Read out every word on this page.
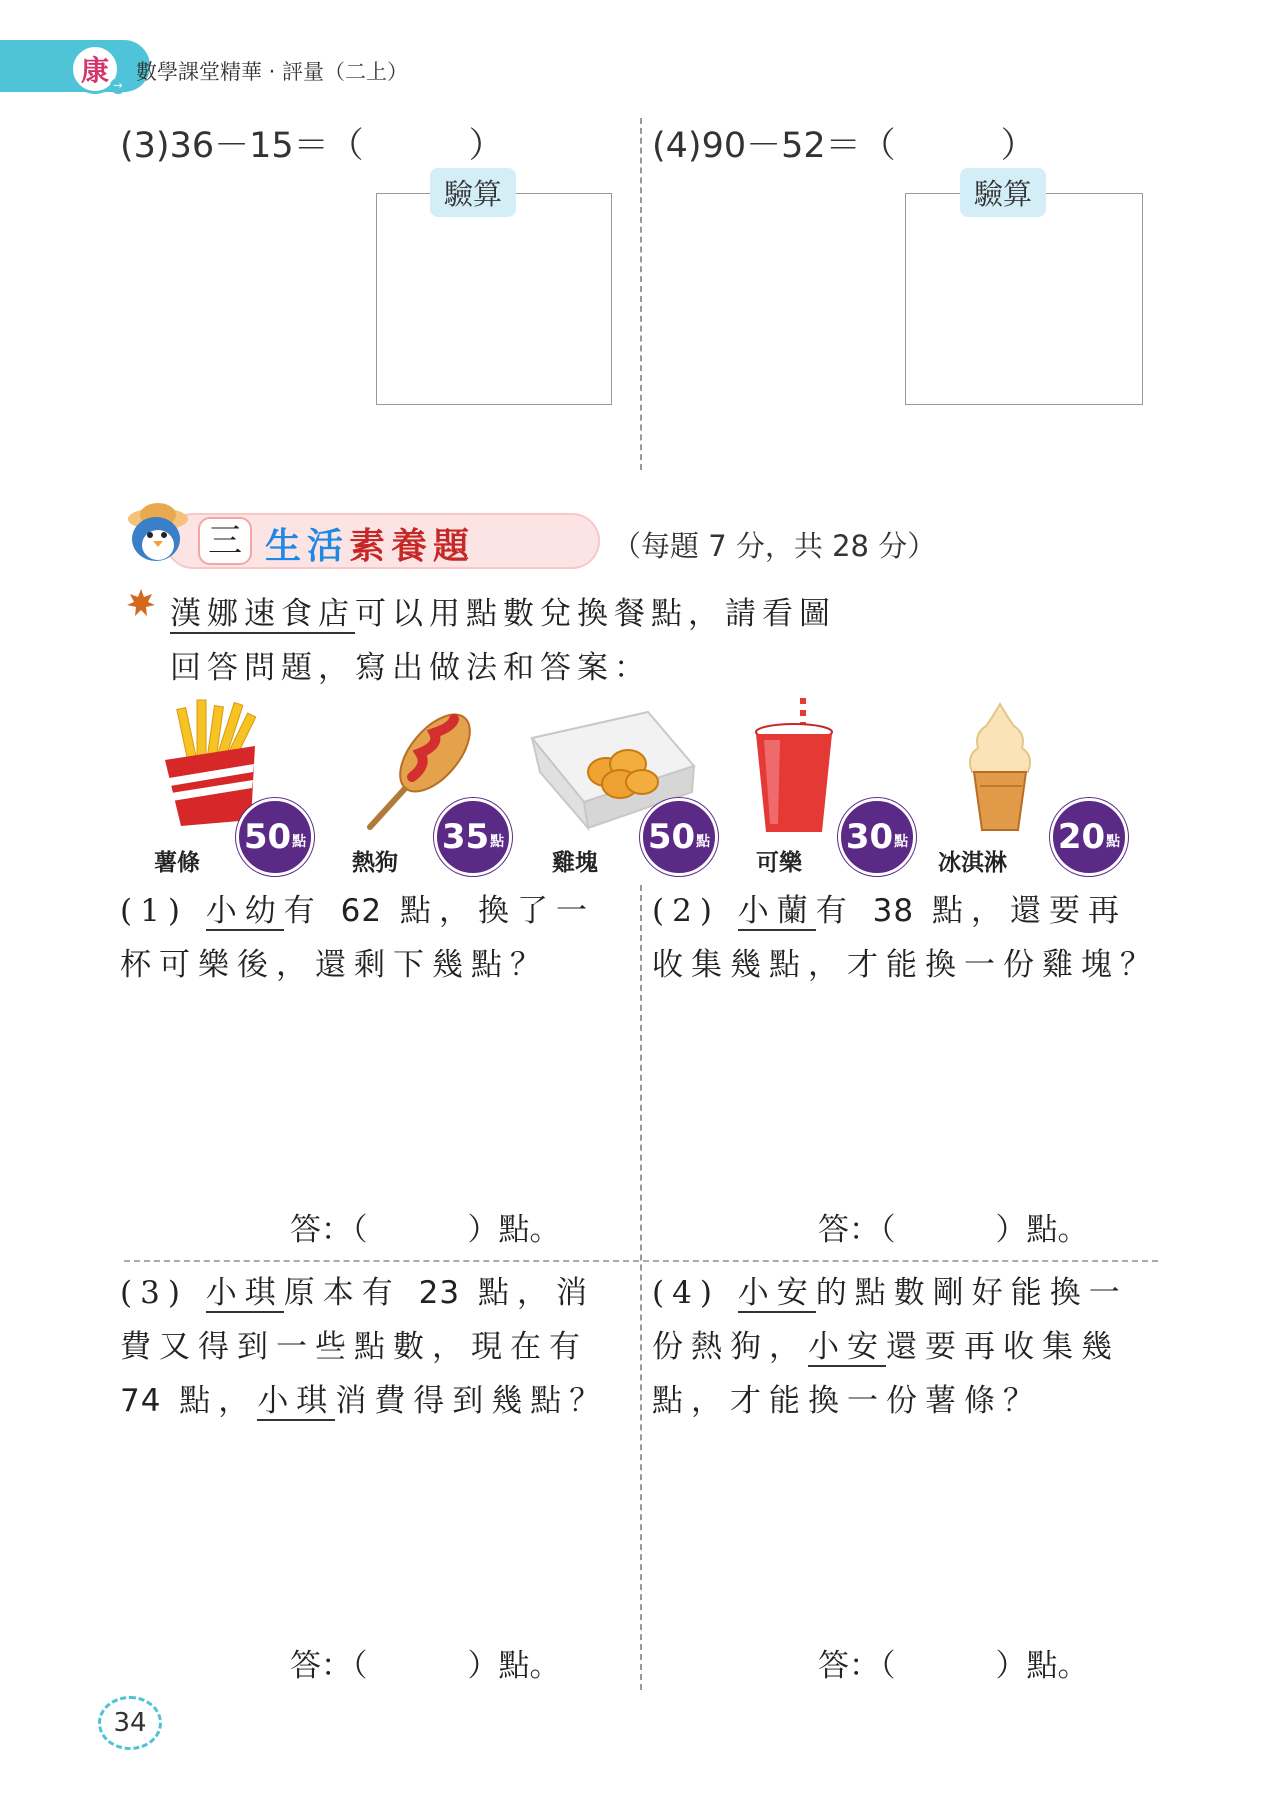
康 →
數學課堂精華 ‧ 評量（二上）
(3)36－15＝（　　　）
驗算
(4)90－52＝（　　　）
驗算
三 生活素養題	（每題 7 分，共 28 分）
漢娜速食店可以用點數兌換餐點，請看圖
回答問題，寫出做法和答案：
50 點	35 點	50 點	30 點	20 點
薯條	熱狗	雞塊	可樂	冰淇淋
(1) 小幼有 62 點，換了一杯可樂後，還剩下幾點？
答：（	）點。
(2) 小蘭有 38 點，還要再收集幾點，才能換一份雞塊？
答：（	）點。
(3) 小琪原本有 23 點，消費又得到一些點數，現在有 74 點，小琪消費得到幾點？
答：（	）點。
(4) 小安的點數剛好能換一份熱狗，小安還要再收集幾點，才能換一份薯條？
答：（	）點。
34
